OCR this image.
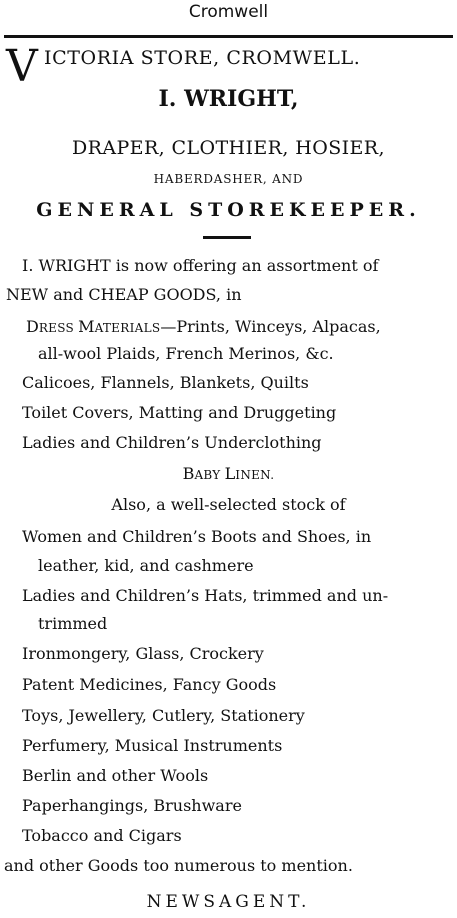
Cromwell
V ICTORIA STORE, CROMWELL.
I. WRIGHT,
DRAPER, CLOTHIER, HOSIER,
HABERDASHER, AND
GENERAL STOREKEEPER.
I. WRIGHT is now offering an assortment of
NEW and CHEAP GOODS, in
DRESS MATERIALS—Prints, Winceys, Alpacas,
all-wool Plaids, French Merinos, &c.
Calicoes, Flannels, Blankets, Quilts
Toilet Covers, Matting and Druggeting
Ladies and Children’s Underclothing
BABY LINEN.
Also, a well-selected stock of
Women and Children’s Boots and Shoes, in
leather, kid, and cashmere
Ladies and Children’s Hats, trimmed and un-
trimmed
Ironmongery, Glass, Crockery
Patent Medicines, Fancy Goods
Toys, Jewellery, Cutlery, Stationery
Perfumery, Musical Instruments
Berlin and other Wools
Paperhangings, Brushware
Tobacco and Cigars
and other Goods too numerous to mention.
NEWSAGENT.
